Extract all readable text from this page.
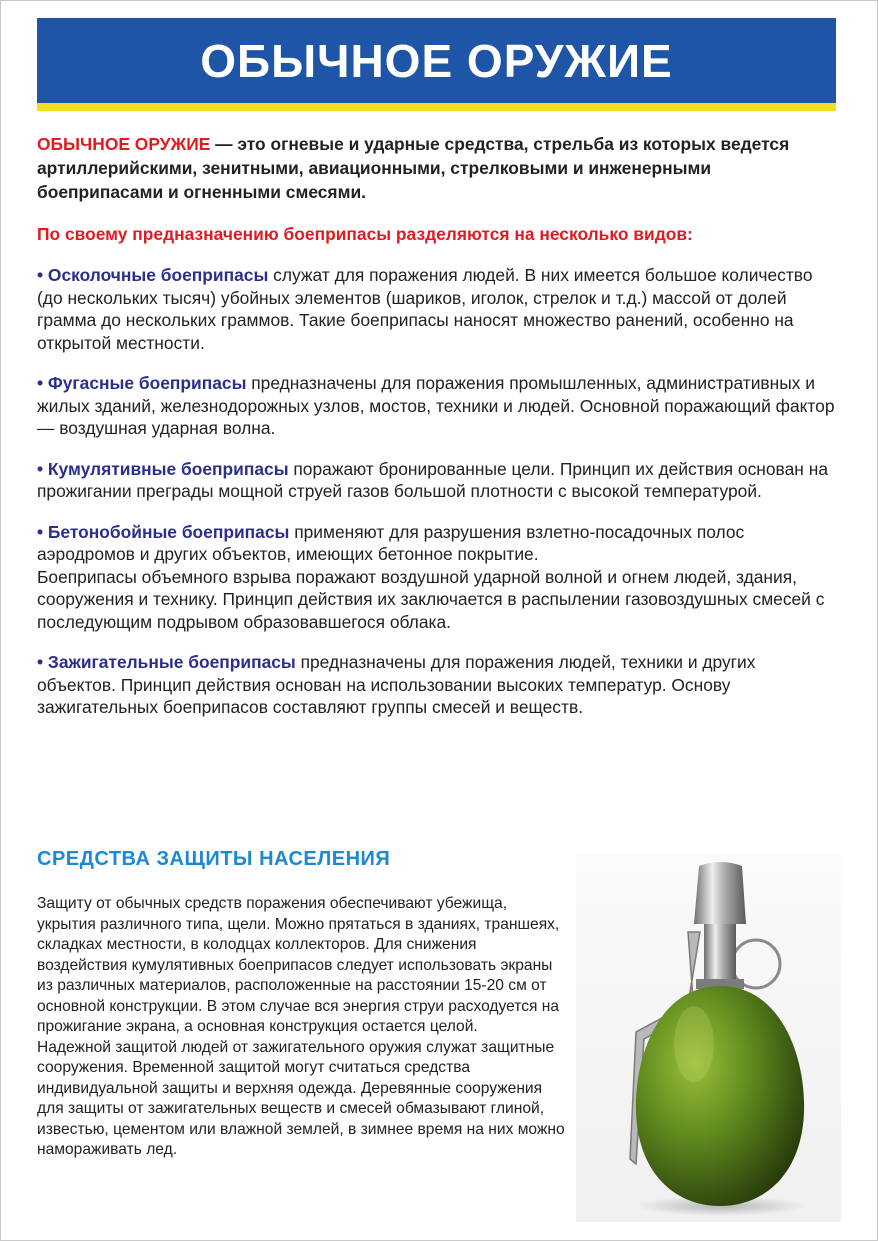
ОБЫЧНОЕ ОРУЖИЕ

ОБЫЧНОЕ ОРУЖИЕ — это огневые и ударные средства, стрельба из которых ведется артиллерийскими, зенитными, авиационными, стрелковыми и инженерными боеприпасами и огненными смесями.

По своему предназначению боеприпасы разделяются на несколько видов:

• Осколочные боеприпасы служат для поражения людей. В них имеется большое количество (до нескольких тысяч) убойных элементов (шариков, иголок, стрелок и т.д.) массой от долей грамма до нескольких граммов. Такие боеприпасы наносят множество ранений, особенно на открытой местности.

• Фугасные боеприпасы предназначены для поражения промышленных, административных и жилых зданий, железнодорожных узлов, мостов, техники и людей. Основной поражающий фактор — воздушная ударная волна.

• Кумулятивные боеприпасы поражают бронированные цели. Принцип их действия основан на прожигании преграды мощной струей газов большой плотности с высокой температурой.

• Бетонобойные боеприпасы применяют для разрушения взлетно-посадочных полос аэродромов и других объектов, имеющих бетонное покрытие.
Боеприпасы объемного взрыва поражают воздушной ударной волной и огнем людей, здания, сооружения и технику. Принцип действия их заключается в распылении газовоздушных смесей с последующим подрывом образовавшегося облака.

• Зажигательные боеприпасы предназначены для поражения людей, техники и других объектов. Принцип действия основан на использовании высоких температур. Основу зажигательных боеприпасов составляют группы смесей и веществ.

СРЕДСТВА ЗАЩИТЫ НАСЕЛЕНИЯ

Защиту от обычных средств поражения обеспечивают убежища, укрытия различного типа, щели. Можно прятаться в зданиях, траншеях, складках местности, в колодцах коллекторов. Для снижения воздействия кумулятивных боеприпасов следует использовать экраны из различных материалов, расположенные на расстоянии 15-20 см от основной конструкции. В этом случае вся энергия струи расходуется на прожигание экрана, а основная конструкция остается целой.
Надежной защитой людей от зажигательного оружия служат защитные сооружения. Временной защитой могут считаться средства индивидуальной защиты и верхняя одежда. Деревянные сооружения для защиты от зажигательных веществ и смесей обмазывают глиной, известью, цементом или влажной землей, в зимнее время на них можно намораживать лед.
